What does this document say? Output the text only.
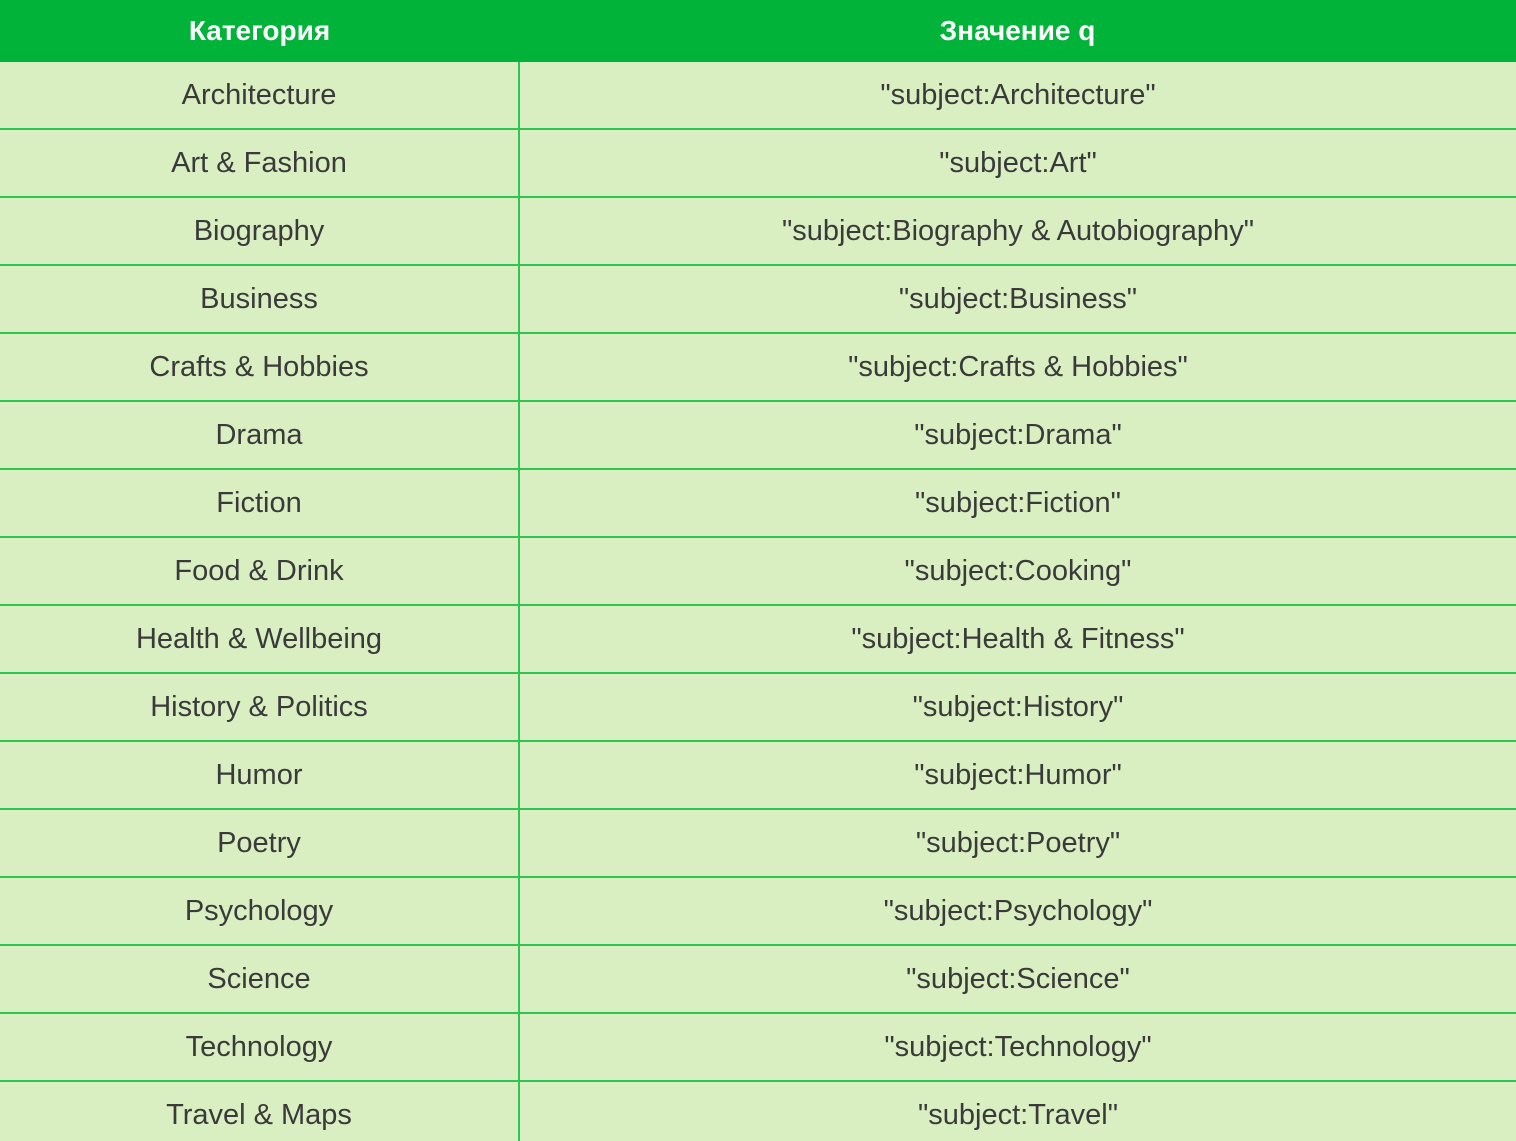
Категория	Значение q
Architecture	"subject:Architecture"
Art & Fashion	"subject:Art"
Biography	"subject:Biography & Autobiography"
Business	"subject:Business"
Crafts & Hobbies	"subject:Crafts & Hobbies"
Drama	"subject:Drama"
Fiction	"subject:Fiction"
Food & Drink	"subject:Cooking"
Health & Wellbeing	"subject:Health & Fitness"
History & Politics	"subject:History"
Humor	"subject:Humor"
Poetry	"subject:Poetry"
Psychology	"subject:Psychology"
Science	"subject:Science"
Technology	"subject:Technology"
Travel & Maps	"subject:Travel"
